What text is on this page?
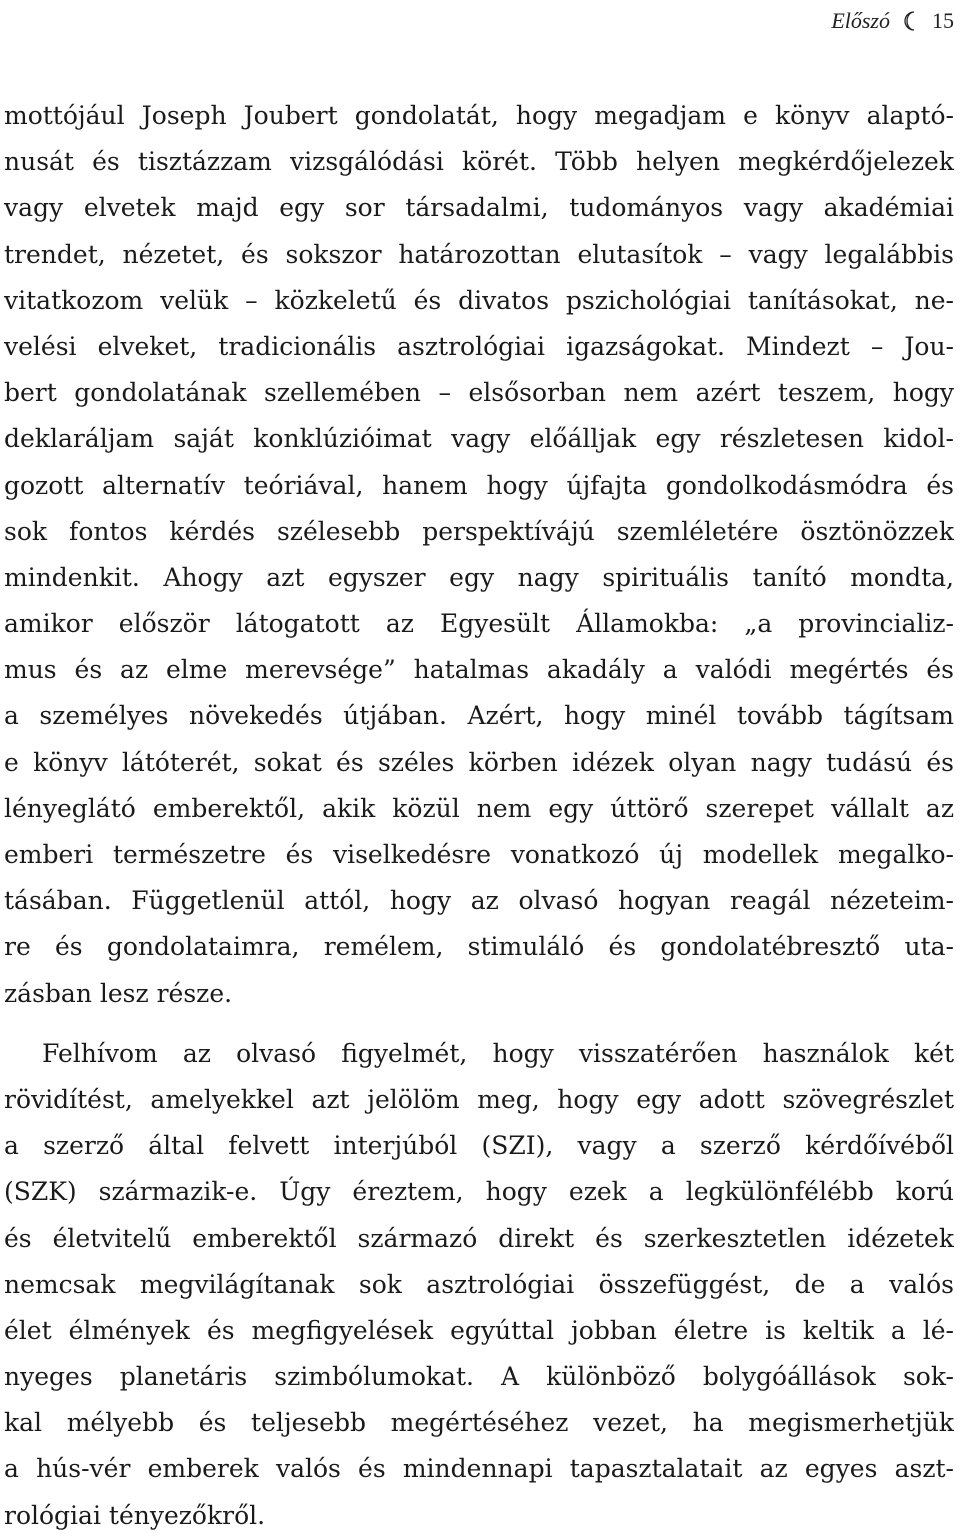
Előszó 15
mottójául Joseph Joubert gondolatát, hogy megadjam e könyv alaptó-
nusát és tisztázzam vizsgálódási körét. Több helyen megkérdőjelezek
vagy elvetek majd egy sor társadalmi, tudományos vagy akadémiai
trendet, nézetet, és sokszor határozottan elutasítok – vagy legalábbis
vitatkozom velük – közkeletű és divatos pszichológiai tanításokat, ne-
velési elveket, tradicionális asztrológiai igazságokat. Mindezt – Jou-
bert gondolatának szellemében – elsősorban nem azért teszem, hogy
deklaráljam saját konklúzióimat vagy előálljak egy részletesen kidol-
gozott alternatív teóriával, hanem hogy újfajta gondolkodásmódra és
sok fontos kérdés szélesebb perspektívájú szemléletére ösztönözzek
mindenkit. Ahogy azt egyszer egy nagy spirituális tanító mondta,
amikor először látogatott az Egyesült Államokba: „a provincializ-
mus és az elme merevsége” hatalmas akadály a valódi megértés és
a személyes növekedés útjában. Azért, hogy minél tovább tágítsam
e könyv látóterét, sokat és széles körben idézek olyan nagy tudású és
lényeglátó emberektől, akik közül nem egy úttörő szerepet vállalt az
emberi természetre és viselkedésre vonatkozó új modellek megalko-
tásában. Függetlenül attól, hogy az olvasó hogyan reagál nézeteim-
re és gondolataimra, remélem, stimuláló és gondolatébresztő uta-
zásban lesz része.
Felhívom az olvasó figyelmét, hogy visszatérően használok két
rövidítést, amelyekkel azt jelölöm meg, hogy egy adott szövegrészlet
a szerző által felvett interjúból (SZI), vagy a szerző kérdőívéből
(SZK) származik-e. Úgy éreztem, hogy ezek a legkülönfélébb korú
és életvitelű emberektől származó direkt és szerkesztetlen idézetek
nemcsak megvilágítanak sok asztrológiai összefüggést, de a valós
élet élmények és megfigyelések egyúttal jobban életre is keltik a lé-
nyeges planetáris szimbólumokat. A különböző bolygóállások sok-
kal mélyebb és teljesebb megértéséhez vezet, ha megismerhetjük
a hús-vér emberek valós és mindennapi tapasztalatait az egyes aszt-
rológiai tényezőkről.
